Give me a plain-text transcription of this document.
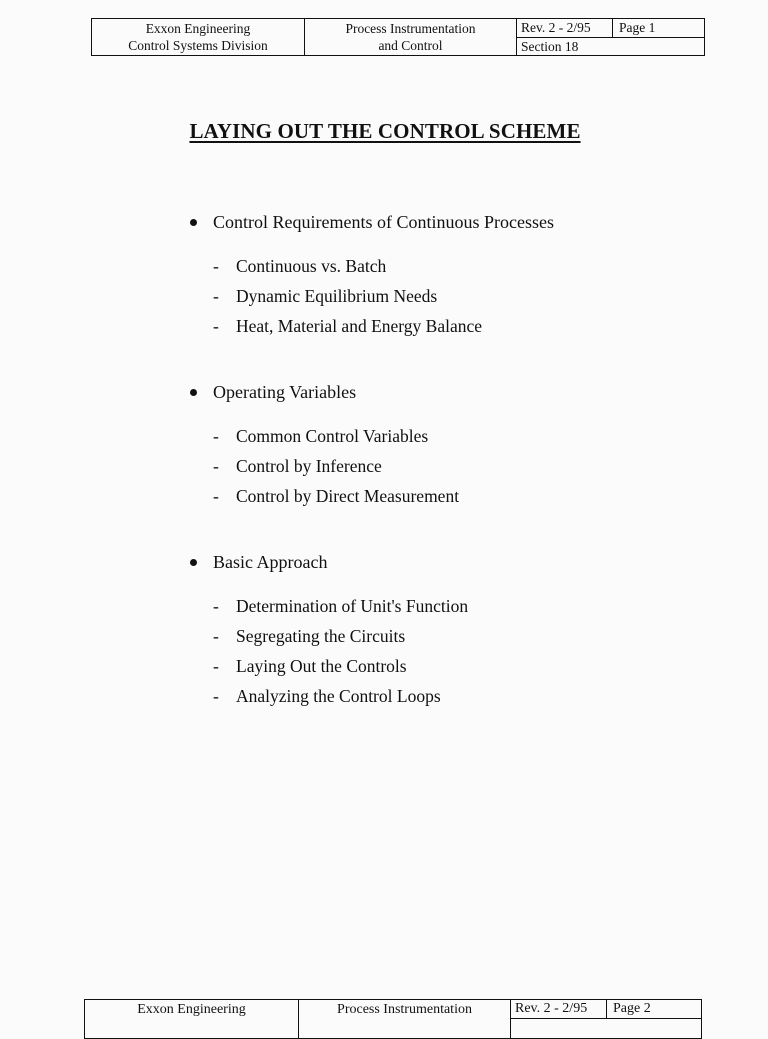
Exxon Engineering
Control Systems Division
Process Instrumentation
and Control
Rev. 2 - 2/95	Page 1
Section 18
LAYING OUT THE CONTROL SCHEME
Control Requirements of Continuous Processes
- Continuous vs. Batch
- Dynamic Equilibrium Needs
- Heat, Material and Energy Balance
Operating Variables
- Common Control Variables
- Control by Inference
- Control by Direct Measurement
Basic Approach
- Determination of Unit's Function
- Segregating the Circuits
- Laying Out the Controls
- Analyzing the Control Loops
Exxon Engineering	Process Instrumentation	Rev. 2 - 2/95	Page 2
